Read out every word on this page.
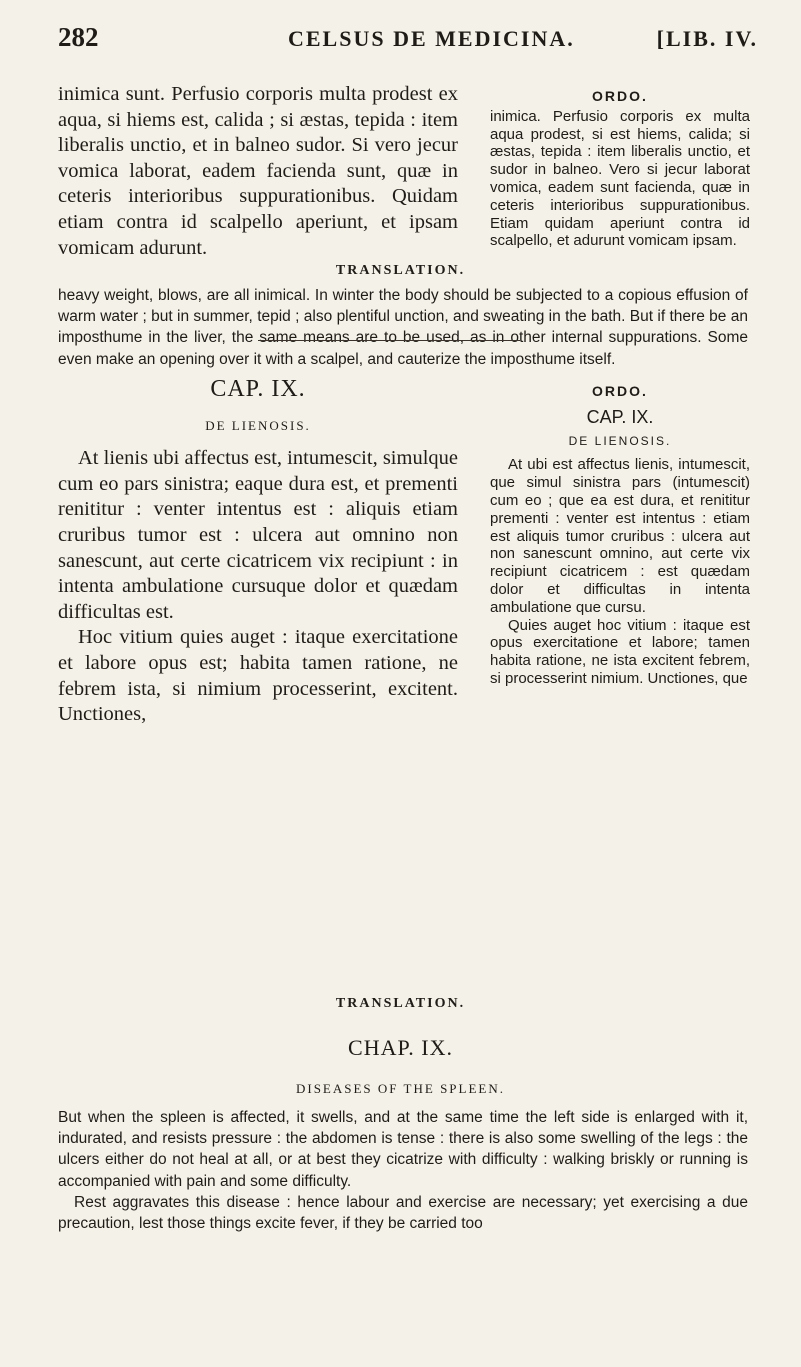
282	CELSUS DE MEDICINA.	[LIB. IV.

inimica sunt. Perfusio corporis multa prodest ex aqua, si hiems est, calida ; si æstas, tepida : item liberalis unctio, et in balneo sudor. Si vero jecur vomica laborat, eadem facienda sunt, quæ in ceteris interioribus suppurationibus. Quidam etiam contra id scalpello aperiunt, et ipsam vomicam adurunt.

ORDO.

inimica. Perfusio corporis ex multa aqua prodest, si est hiems, calida; si æstas, tepida : item liberalis unctio, et sudor in balneo. Vero si jecur laborat vomica, eadem sunt facienda, quæ in ceteris interioribus suppurationibus. Etiam quidam aperiunt contra id scalpello, et adurunt vomicam ipsam.

TRANSLATION.

heavy weight, blows, are all inimical. In winter the body should be subjected to a copious effusion of warm water ; but in summer, tepid ; also plentiful unction, and sweating in the bath. But if there be an imposthume in the liver, the same means are to be used, as in other internal suppurations. Some even make an opening over it with a scalpel, and cauterize the imposthume itself.

CAP. IX.
DE LIENOSIS.

At lienis ubi affectus est, intumescit, simulque cum eo pars sinistra; eaque dura est, et prementi renititur : venter intentus est : aliquis etiam cruribus tumor est : ulcera aut omnino non sanescunt, aut certe cicatricem vix recipiunt : in intenta ambulatione cursuque dolor et quædam difficultas est.

Hoc vitium quies auget : itaque exercitatione et labore opus est; habita tamen ratione, ne febrem ista, si nimium processerint, excitent. Unctiones,

ORDO.
CAP. IX.
DE LIENOSIS.

At ubi est affectus lienis, intumescit, que simul sinistra pars (intumescit) cum eo ; que ea est dura, et renititur prementi : venter est intentus : etiam est aliquis tumor cruribus : ulcera aut non sanescunt omnino, aut certe vix recipiunt cicatricem : est quædam dolor et difficultas in intenta ambulatione que cursu.

Quies auget hoc vitium : itaque est opus exercitatione et labore; tamen habita ratione, ne ista excitent febrem, si processerint nimium. Unctiones, que

TRANSLATION.
CHAP. IX.
DISEASES OF THE SPLEEN.

But when the spleen is affected, it swells, and at the same time the left side is enlarged with it, indurated, and resists pressure : the abdomen is tense : there is also some swelling of the legs : the ulcers either do not heal at all, or at best they cicatrize with difficulty : walking briskly or running is accompanied with pain and some difficulty.

Rest aggravates this disease : hence labour and exercise are necessary; yet exercising a due precaution, lest those things excite fever, if they be carried too
